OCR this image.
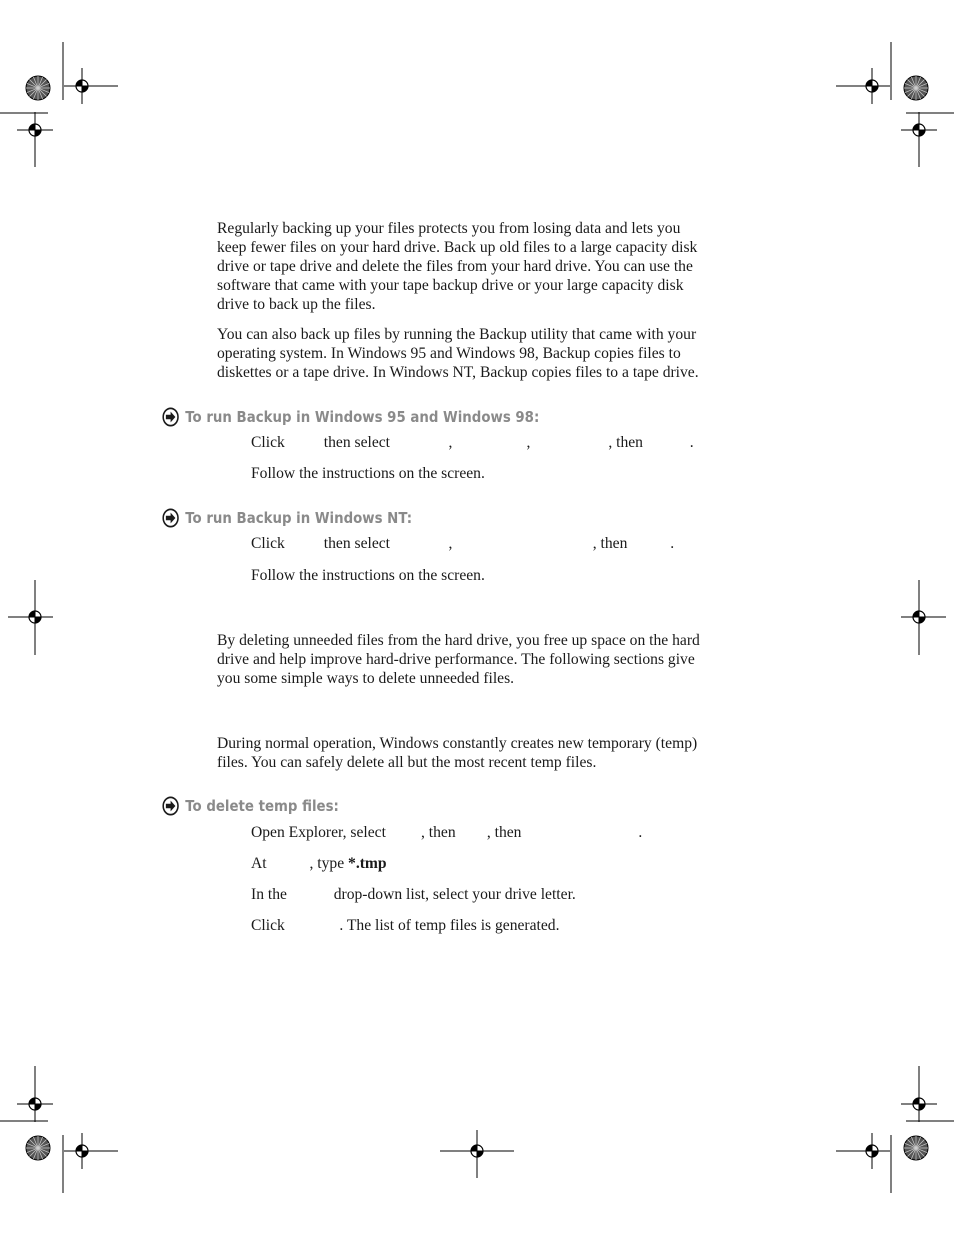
Regularly backing up your files protects you from losing data and lets you
keep fewer files on your hard drive. Back up old files to a large capacity disk
drive or tape drive and delete the files from your hard drive. You can use the
software that came with your tape backup drive or your large capacity disk
drive to back up the files.

You can also back up files by running the Backup utility that came with your
operating system. In Windows 95 and Windows 98, Backup copies files to
diskettes or a tape drive. In Windows NT, Backup copies files to a tape drive.

To run Backup in Windows 95 and Windows 98:
Click          then select               ,                   ,                    , then            .
Follow the instructions on the screen.
To run Backup in Windows NT:
Click          then select               ,                                    , then           .
Follow the instructions on the screen.

By deleting unneeded files from the hard drive, you free up space on the hard
drive and help improve hard-drive performance. The following sections give
you some simple ways to delete unneeded files.

During normal operation, Windows constantly creates new temporary (temp)
files. You can safely delete all but the most recent temp files.

To delete temp files:
Open Explorer, select         , then        , then                              .
At           , type *.tmp
In the            drop-down list, select your drive letter.
Click              . The list of temp files is generated.
